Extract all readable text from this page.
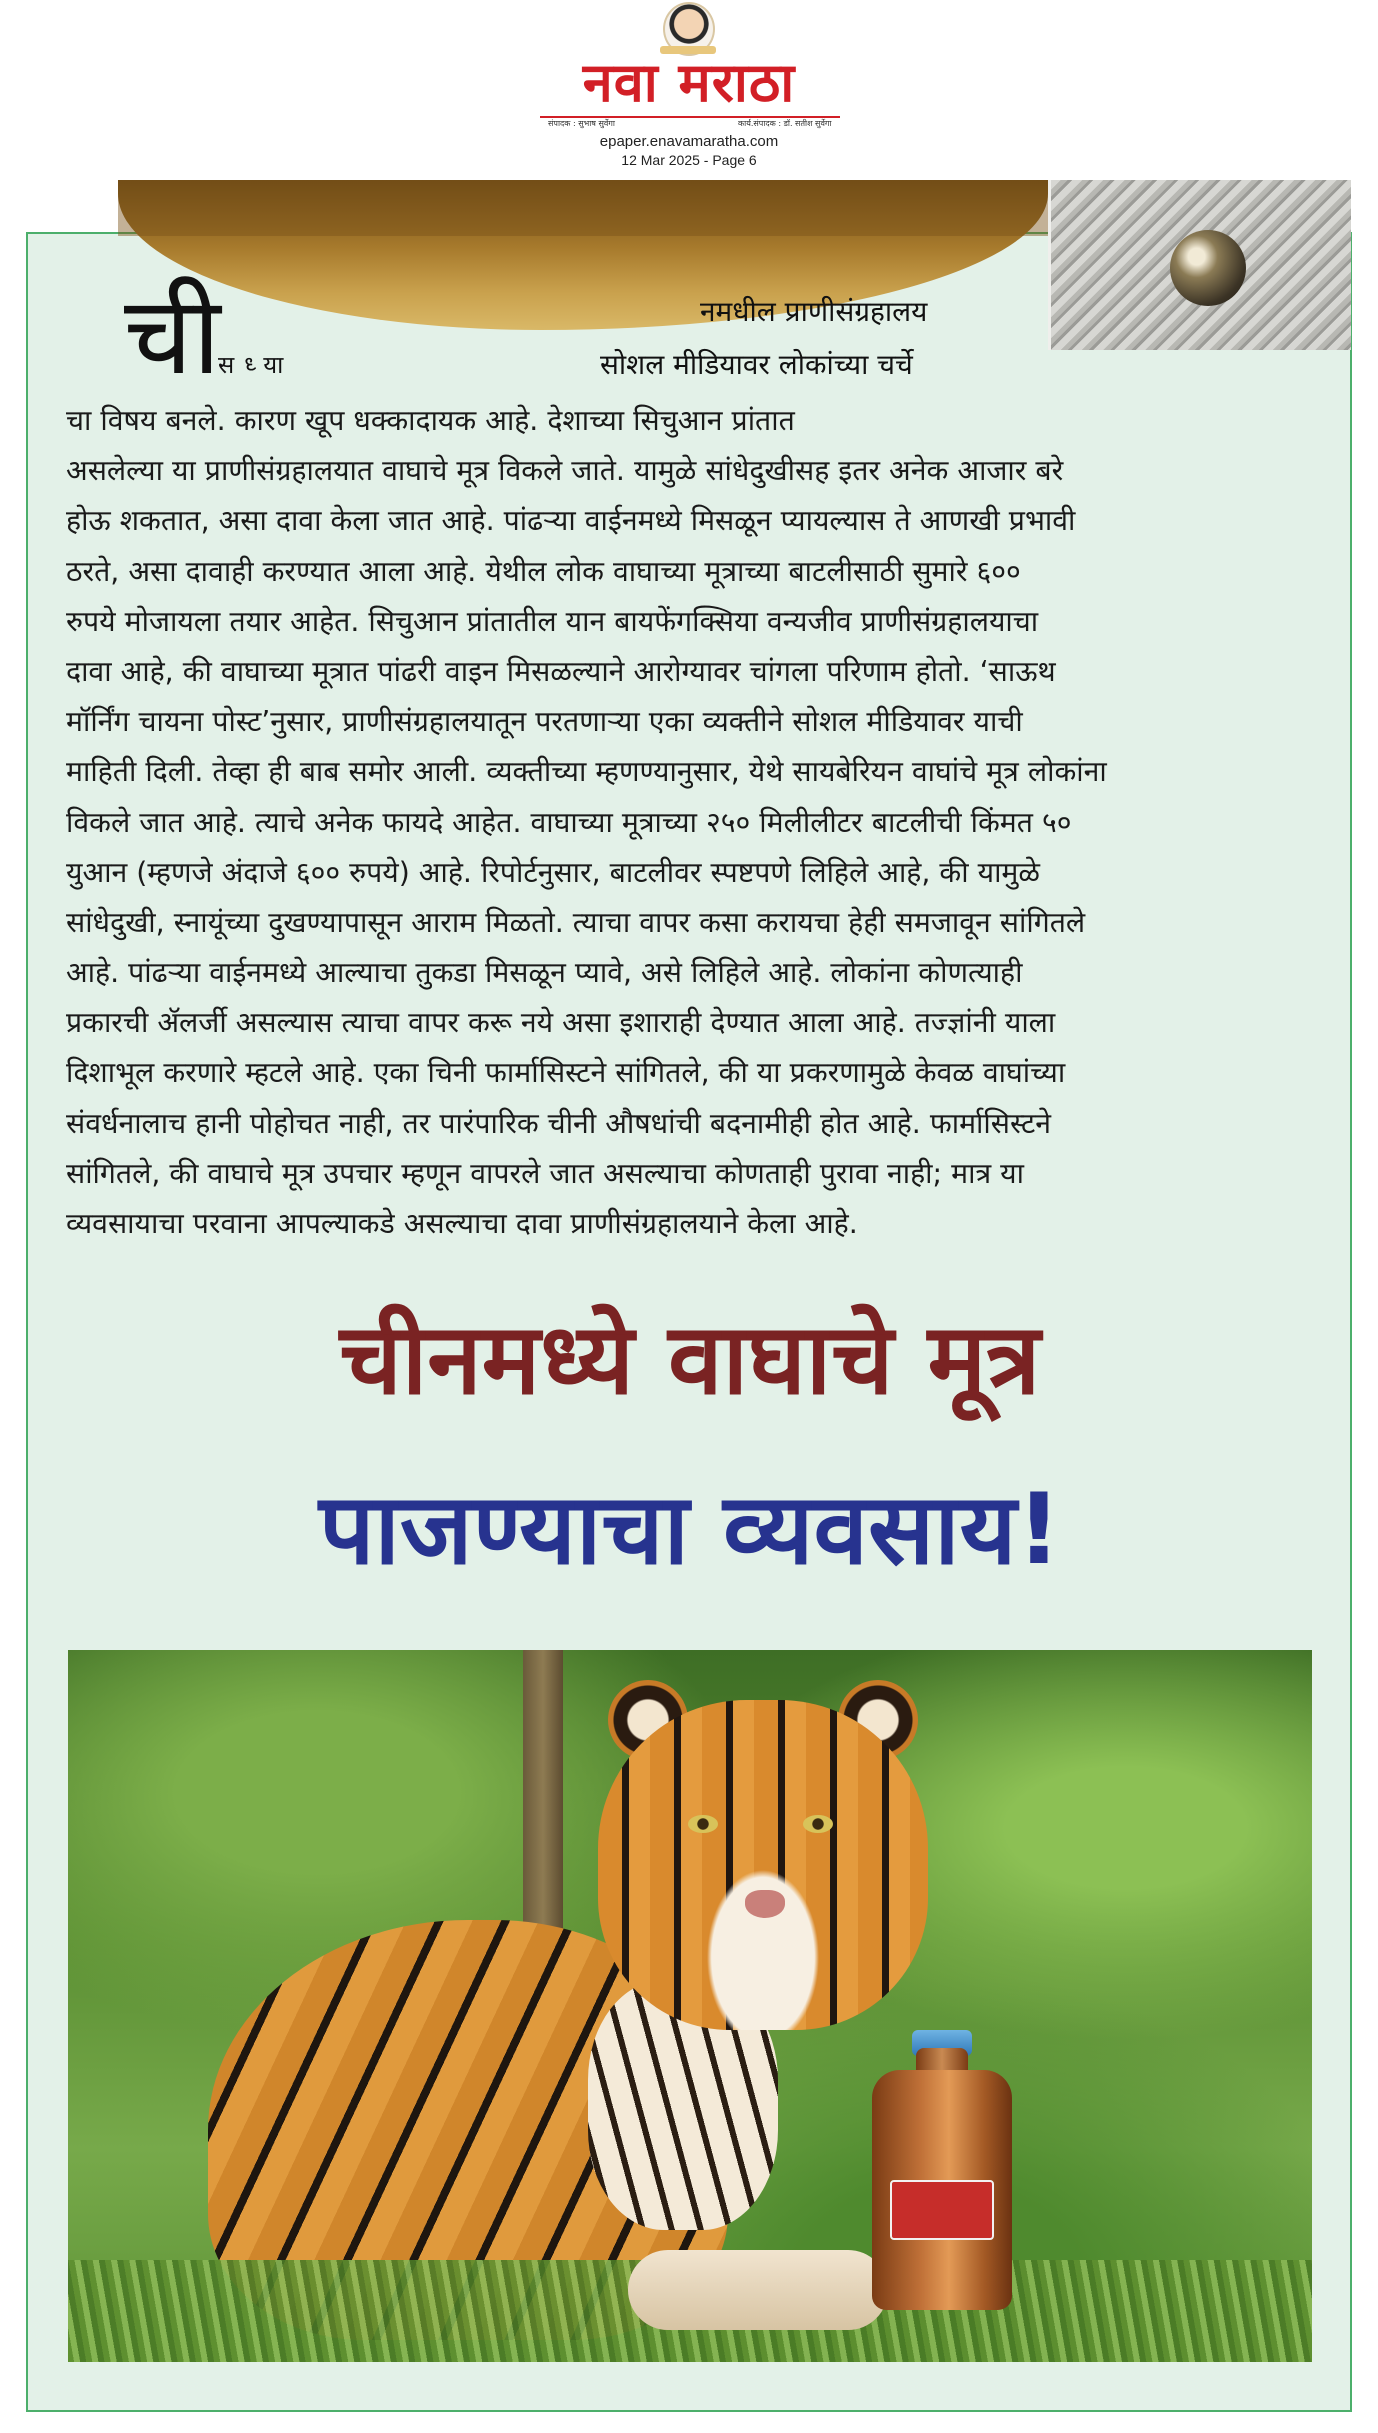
नवा मराठा
संपादक : सुभाष सुर्वेगा	कार्य.संपादक : डॉ. सतीश सुर्वेगा
epaper.enavamaratha.com
12 Mar 2025 - Page 6
ची
सध्या
नमधील प्राणीसंग्रहालय
सोशल मीडियावर लोकांच्या चर्चे
चा विषय बनले. कारण खूप धक्कादायक आहे. देशाच्या सिचुआन प्रांतात
असलेल्या या प्राणीसंग्रहालयात वाघाचे मूत्र विकले जाते. यामुळे सांधेदुखीसह इतर अनेक आजार बरे
होऊ शकतात, असा दावा केला जात आहे. पांढऱ्या वाईनमध्ये मिसळून प्यायल्यास ते आणखी प्रभावी
ठरते, असा दावाही करण्यात आला आहे. येथील लोक वाघाच्या मूत्राच्या बाटलीसाठी सुमारे ६००
रुपये मोजायला तयार आहेत. सिचुआन प्रांतातील यान बायफेंगक्सिया वन्यजीव प्राणीसंग्रहालयाचा
दावा आहे, की वाघाच्या मूत्रात पांढरी वाइन मिसळल्याने आरोग्यावर चांगला परिणाम होतो. ‘साऊथ
मॉर्निंग चायना पोस्ट’नुसार, प्राणीसंग्रहालयातून परतणाऱ्या एका व्यक्तीने सोशल मीडियावर याची
माहिती दिली. तेव्हा ही बाब समोर आली. व्यक्तीच्या म्हणण्यानुसार, येथे सायबेरियन वाघांचे मूत्र लोकांना
विकले जात आहे. त्याचे अनेक फायदे आहेत. वाघाच्या मूत्राच्या २५० मिलीलीटर बाटलीची किंमत ५०
युआन (म्हणजे अंदाजे ६०० रुपये) आहे. रिपोर्टनुसार, बाटलीवर स्पष्टपणे लिहिले आहे, की यामुळे
सांधेदुखी, स्नायूंच्या दुखण्यापासून आराम मिळतो. त्याचा वापर कसा करायचा हेही समजावून सांगितले
आहे. पांढऱ्या वाईनमध्ये आल्याचा तुकडा मिसळून प्यावे, असे लिहिले आहे. लोकांना कोणत्याही
प्रकारची ॲलर्जी असल्यास त्याचा वापर करू नये असा इशाराही देण्यात आला आहे. तज्ज्ञांनी याला
दिशाभूल करणारे म्हटले आहे. एका चिनी फार्मासिस्टने सांगितले, की या प्रकरणामुळे केवळ वाघांच्या
संवर्धनालाच हानी पोहोचत नाही, तर पारंपारिक चीनी औषधांची बदनामीही होत आहे. फार्मासिस्टने
सांगितले, की वाघाचे मूत्र उपचार म्हणून वापरले जात असल्याचा कोणताही पुरावा नाही; मात्र या
व्यवसायाचा परवाना आपल्याकडे असल्याचा दावा प्राणीसंग्रहालयाने केला आहे.
चीनमध्ये वाघाचे मूत्र
पाजण्याचा व्यवसाय!
